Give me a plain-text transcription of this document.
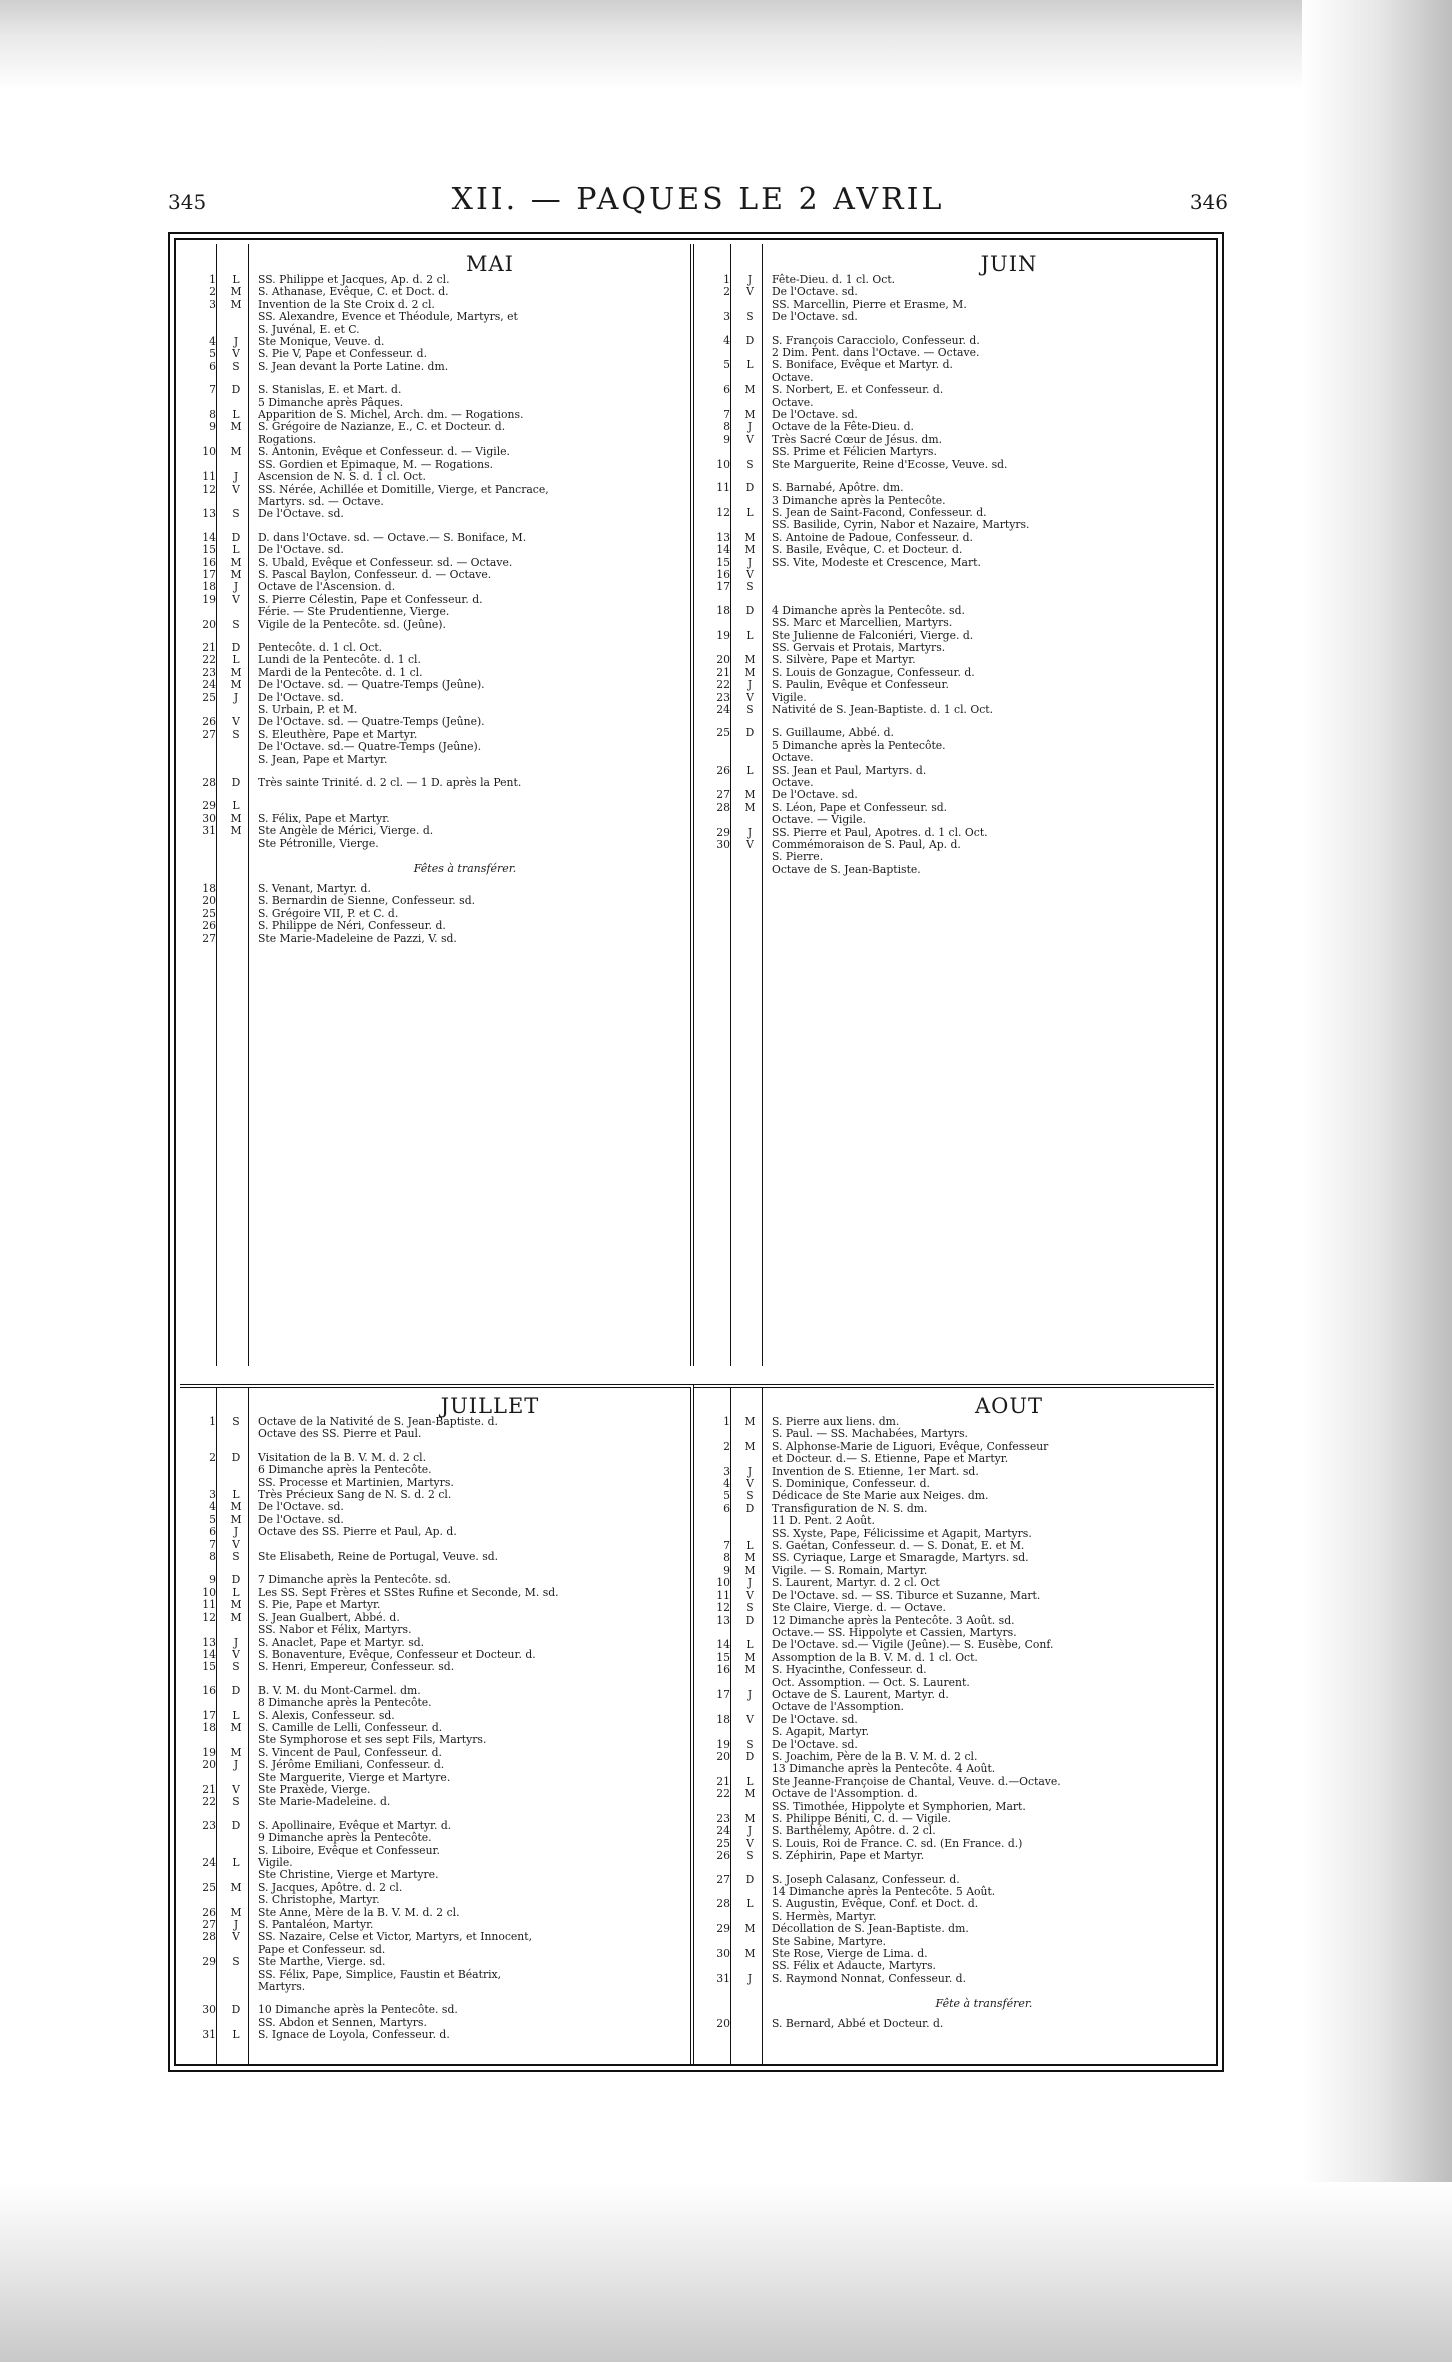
345	XII. — PAQUES LE 2 AVRIL	346
MAI
1	L	SS. Philippe et Jacques, Ap. d. 2 cl.
2	M	S. Athanase, Evêque, C. et Doct. d.
3	M	Invention de la Ste Croix d. 2 cl.
SS. Alexandre, Evence et Théodule, Martyrs, et
S. Juvénal, E. et C.
4	J	Ste Monique, Veuve. d.
5	V	S. Pie V, Pape et Confesseur. d.
6	S	S. Jean devant la Porte Latine. dm.
7	D	S. Stanislas, E. et Mart. d.
5 Dimanche après Pâques.
8	L	Apparition de S. Michel, Arch. dm. — Rogations.
9	M	S. Grégoire de Nazianze, E., C. et Docteur. d.
Rogations.
10	M	S. Antonin, Evêque et Confesseur. d. — Vigile.
SS. Gordien et Epimaque, M. — Rogations.
11	J	Ascension de N. S. d. 1 cl. Oct.
12	V	SS. Nérée, Achillée et Domitille, Vierge, et Pancrace,
Martyrs. sd. — Octave.
13	S	De l'Octave. sd.
14	D	D. dans l'Octave. sd. — Octave.— S. Boniface, M.
15	L	De l'Octave. sd.
16	M	S. Ubald, Evêque et Confesseur. sd. — Octave.
17	M	S. Pascal Baylon, Confesseur. d. — Octave.
18	J	Octave de l'Ascension. d.
19	V	S. Pierre Célestin, Pape et Confesseur. d.
Férie. — Ste Prudentienne, Vierge.
20	S	Vigile de la Pentecôte. sd. (Jeûne).
21	D	Pentecôte. d. 1 cl. Oct.
22	L	Lundi de la Pentecôte. d. 1 cl.
23	M	Mardi de la Pentecôte. d. 1 cl.
24	M	De l'Octave. sd. — Quatre-Temps (Jeûne).
25	J	De l'Octave. sd.
S. Urbain, P. et M.
26	V	De l'Octave. sd. — Quatre-Temps (Jeûne).
27	S	S. Eleuthère, Pape et Martyr.
De l'Octave. sd.— Quatre-Temps (Jeûne).
S. Jean, Pape et Martyr.
28	D	Très sainte Trinité. d. 2 cl. — 1 D. après la Pent.
29	L
30	M	S. Félix, Pape et Martyr.
31	M	Ste Angèle de Mérici, Vierge. d.
Ste Pétronille, Vierge.
Fêtes à transférer.
18	S. Venant, Martyr. d.
20	S. Bernardin de Sienne, Confesseur. sd.
25	S. Grégoire VII, P. et C. d.
26	S. Philippe de Néri, Confesseur. d.
27	Ste Marie-Madeleine de Pazzi, V. sd.
JUIN
1	J	Fête-Dieu. d. 1 cl. Oct.
2	V	De l'Octave. sd.
SS. Marcellin, Pierre et Erasme, M.
3	S	De l'Octave. sd.
4	D	S. François Caracciolo, Confesseur. d.
2 Dim. Pent. dans l'Octave. — Octave.
5	L	S. Boniface, Evêque et Martyr. d.
Octave.
6	M	S. Norbert, E. et Confesseur. d.
Octave.
7	M	De l'Octave. sd.
8	J	Octave de la Fête-Dieu. d.
9	V	Très Sacré Cœur de Jésus. dm.
SS. Prime et Félicien Martyrs.
10	S	Ste Marguerite, Reine d'Ecosse, Veuve. sd.
11	D	S. Barnabé, Apôtre. dm.
3 Dimanche après la Pentecôte.
12	L	S. Jean de Saint-Facond, Confesseur. d.
SS. Basilide, Cyrin, Nabor et Nazaire, Martyrs.
13	M	S. Antoine de Padoue, Confesseur. d.
14	M	S. Basile, Evêque, C. et Docteur. d.
15	J	SS. Vite, Modeste et Crescence, Mart.
16	V
17	S
18	D	4 Dimanche après la Pentecôte. sd.
SS. Marc et Marcellien, Martyrs.
19	L	Ste Julienne de Falconiéri, Vierge. d.
SS. Gervais et Protais, Martyrs.
20	M	S. Silvère, Pape et Martyr.
21	M	S. Louis de Gonzague, Confesseur. d.
22	J	S. Paulin, Evêque et Confesseur.
23	V	Vigile.
24	S	Nativité de S. Jean-Baptiste. d. 1 cl. Oct.
25	D	S. Guillaume, Abbé. d.
5 Dimanche après la Pentecôte.
Octave.
26	L	SS. Jean et Paul, Martyrs. d.
Octave.
27	M	De l'Octave. sd.
28	M	S. Léon, Pape et Confesseur. sd.
Octave. — Vigile.
29	J	SS. Pierre et Paul, Apotres. d. 1 cl. Oct.
30	V	Commémoraison de S. Paul, Ap. d.
S. Pierre.
Octave de S. Jean-Baptiste.
JUILLET
1	S	Octave de la Nativité de S. Jean-Baptiste. d.
Octave des SS. Pierre et Paul.
2	D	Visitation de la B. V. M. d. 2 cl.
6 Dimanche après la Pentecôte.
SS. Processe et Martinien, Martyrs.
3	L	Très Précieux Sang de N. S. d. 2 cl.
4	M	De l'Octave. sd.
5	M	De l'Octave. sd.
6	J	Octave des SS. Pierre et Paul, Ap. d.
7	V
8	S	Ste Elisabeth, Reine de Portugal, Veuve. sd.
9	D	7 Dimanche après la Pentecôte. sd.
10	L	Les SS. Sept Frères et SStes Rufine et Seconde, M. sd.
11	M	S. Pie, Pape et Martyr.
12	M	S. Jean Gualbert, Abbé. d.
SS. Nabor et Félix, Martyrs.
13	J	S. Anaclet, Pape et Martyr. sd.
14	V	S. Bonaventure, Evêque, Confesseur et Docteur. d.
15	S	S. Henri, Empereur, Confesseur. sd.
16	D	B. V. M. du Mont-Carmel. dm.
8 Dimanche après la Pentecôte.
17	L	S. Alexis, Confesseur. sd.
18	M	S. Camille de Lelli, Confesseur. d.
Ste Symphorose et ses sept Fils, Martyrs.
19	M	S. Vincent de Paul, Confesseur. d.
20	J	S. Jérôme Emiliani, Confesseur. d.
Ste Marguerite, Vierge et Martyre.
21	V	Ste Praxède, Vierge.
22	S	Ste Marie-Madeleine. d.
23	D	S. Apollinaire, Evêque et Martyr. d.
9 Dimanche après la Pentecôte.
S. Liboire, Evêque et Confesseur.
24	L	Vigile.
Ste Christine, Vierge et Martyre.
25	M	S. Jacques, Apôtre. d. 2 cl.
S. Christophe, Martyr.
26	M	Ste Anne, Mère de la B. V. M. d. 2 cl.
27	J	S. Pantaléon, Martyr.
28	V	SS. Nazaire, Celse et Victor, Martyrs, et Innocent,
Pape et Confesseur. sd.
29	S	Ste Marthe, Vierge. sd.
SS. Félix, Pape, Simplice, Faustin et Béatrix,
Martyrs.
30	D	10 Dimanche après la Pentecôte. sd.
SS. Abdon et Sennen, Martyrs.
31	L	S. Ignace de Loyola, Confesseur. d.
AOUT
1	M	S. Pierre aux liens. dm.
S. Paul. — SS. Machabées, Martyrs.
2	M	S. Alphonse-Marie de Liguori, Evêque, Confesseur
et Docteur. d.— S. Etienne, Pape et Martyr.
3	J	Invention de S. Etienne, 1er Mart. sd.
4	V	S. Dominique, Confesseur. d.
5	S	Dédicace de Ste Marie aux Neiges. dm.
6	D	Transfiguration de N. S. dm.
11 D. Pent. 2 Août.
SS. Xyste, Pape, Félicissime et Agapit, Martyrs.
7	L	S. Gaétan, Confesseur. d. — S. Donat, E. et M.
8	M	SS. Cyriaque, Large et Smaragde, Martyrs. sd.
9	M	Vigile. — S. Romain, Martyr.
10	J	S. Laurent, Martyr. d. 2 cl. Oct
11	V	De l'Octave. sd. — SS. Tiburce et Suzanne, Mart.
12	S	Ste Claire, Vierge. d. — Octave.
13	D	12 Dimanche après la Pentecôte. 3 Août. sd.
Octave.— SS. Hippolyte et Cassien, Martyrs.
14	L	De l'Octave. sd.— Vigile (Jeûne).— S. Eusèbe, Conf.
15	M	Assomption de la B. V. M. d. 1 cl. Oct.
16	M	S. Hyacinthe, Confesseur. d.
Oct. Assomption. — Oct. S. Laurent.
17	J	Octave de S. Laurent, Martyr. d.
Octave de l'Assomption.
18	V	De l'Octave. sd.
S. Agapit, Martyr.
19	S	De l'Octave. sd.
20	D	S. Joachim, Père de la B. V. M. d. 2 cl.
13 Dimanche après la Pentecôte. 4 Août.
21	L	Ste Jeanne-Françoise de Chantal, Veuve. d.—Octave.
22	M	Octave de l'Assomption. d.
SS. Timothée, Hippolyte et Symphorien, Mart.
23	M	S. Philippe Béniti, C. d. — Vigile.
24	J	S. Barthélemy, Apôtre. d. 2 cl.
25	V	S. Louis, Roi de France. C. sd. (En France. d.)
26	S	S. Zéphirin, Pape et Martyr.
27	D	S. Joseph Calasanz, Confesseur. d.
14 Dimanche après la Pentecôte. 5 Août.
28	L	S. Augustin, Evêque, Conf. et Doct. d.
S. Hermès, Martyr.
29	M	Décollation de S. Jean-Baptiste. dm.
Ste Sabine, Martyre.
30	M	Ste Rose, Vierge de Lima. d.
SS. Félix et Adaucte, Martyrs.
31	J	S. Raymond Nonnat, Confesseur. d.
Fête à transférer.
20	S. Bernard, Abbé et Docteur. d.
